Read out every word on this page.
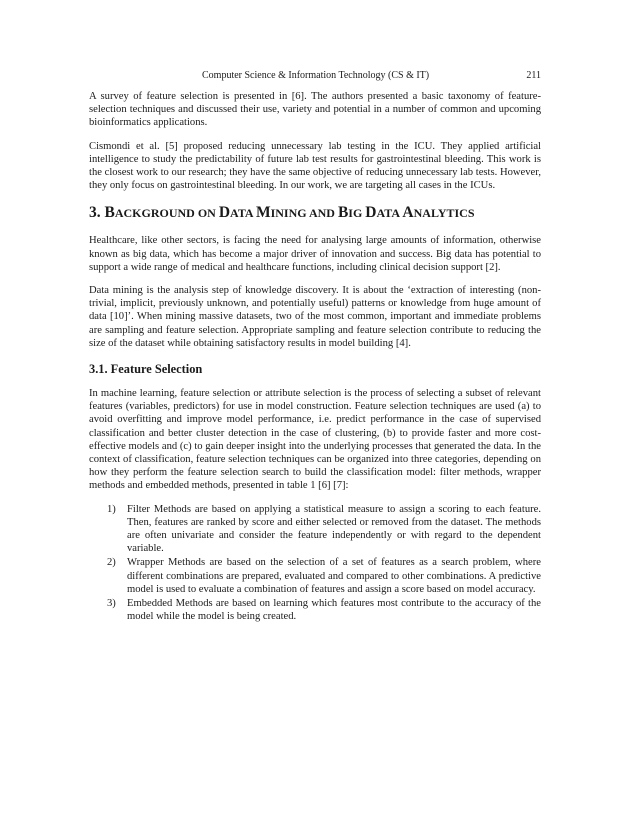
Computer Science & Information Technology (CS & IT)	211

A survey of feature selection is presented in [6]. The authors presented a basic taxonomy of feature-selection techniques and discussed their use, variety and potential in a number of common and upcoming bioinformatics applications.

Cismondi et al. [5] proposed reducing unnecessary lab testing in the ICU. They applied artificial intelligence to study the predictability of future lab test results for gastrointestinal bleeding. This work is the closest work to our research; they have the same objective of reducing unnecessary lab tests. However, they only focus on gastrointestinal bleeding. In our work, we are targeting all cases in the ICUs.

3. BACKGROUND ON DATA MINING AND BIG DATA ANALYTICS

Healthcare, like other sectors, is facing the need for analysing large amounts of information, otherwise known as big data, which has become a major driver of innovation and success. Big data has potential to support a wide range of medical and healthcare functions, including clinical decision support [2].

Data mining is the analysis step of knowledge discovery. It is about the ‘extraction of interesting (non-trivial, implicit, previously unknown, and potentially useful) patterns or knowledge from huge amount of data [10]’. When mining massive datasets, two of the most common, important and immediate problems are sampling and feature selection. Appropriate sampling and feature selection contribute to reducing the size of the dataset while obtaining satisfactory results in model building [4].

3.1. Feature Selection

In machine learning, feature selection or attribute selection is the process of selecting a subset of relevant features (variables, predictors) for use in model construction. Feature selection techniques are used (a) to avoid overfitting and improve model performance, i.e. predict performance in the case of supervised classification and better cluster detection in the case of clustering, (b) to provide faster and more cost-effective models and (c) to gain deeper insight into the underlying processes that generated the data. In the context of classification, feature selection techniques can be organized into three categories, depending on how they perform the feature selection search to build the classification model: filter methods, wrapper methods and embedded methods, presented in table 1 [6] [7]:

1) Filter Methods are based on applying a statistical measure to assign a scoring to each feature. Then, features are ranked by score and either selected or removed from the dataset. The methods are often univariate and consider the feature independently or with regard to the dependent variable.
2) Wrapper Methods are based on the selection of a set of features as a search problem, where different combinations are prepared, evaluated and compared to other combinations. A predictive model is used to evaluate a combination of features and assign a score based on model accuracy.
3) Embedded Methods are based on learning which features most contribute to the accuracy of the model while the model is being created.
